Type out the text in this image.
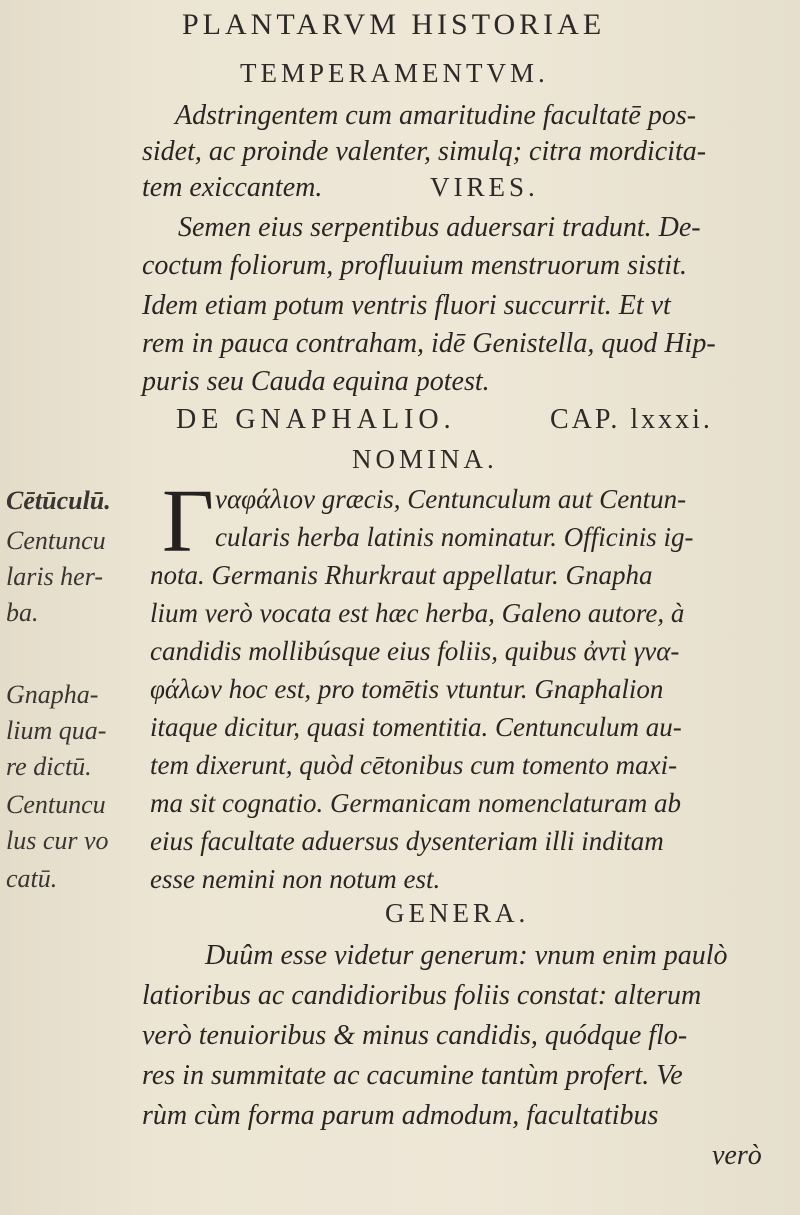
PLANTARVM HISTORIAE
TEMPERAMENTVM.
Adstringentem cum amaritudine facultatē pos-
sidet, ac proinde valenter, simulq; citra mordicita-
tem exiccantem.	VIRES.
Semen eius serpentibus aduersari tradunt. De-
coctum foliorum, profluuium menstruorum sistit.
Idem etiam potum ventris fluori succurrit. Et vt
rem in pauca contraham, idē Genistella, quod Hip-
puris seu Cauda equina potest.
DE GNAPHALIO.	CAP. lxxxi.
NOMINA.
Γ ναφάλιον græcis, Centunculum aut Centun-
cularis herba latinis nominatur. Officinis ig-
nota. Germanis Rhurkraut appellatur. Gnapha
lium verò vocata est hæc herba, Galeno autore, à
candidis mollibúsque eius foliis, quibus ἀντὶ γνα-
φάλων hoc est, pro tomētis vtuntur. Gnaphalion
itaque dicitur, quasi tomentitia. Centunculum au-
tem dixerunt, quòd cētonibus cum tomento maxi-
ma sit cognatio. Germanicam nomenclaturam ab
eius facultate aduersus dysenteriam illi inditam
esse nemini non notum est.
Cētūculū.
Centuncu
laris her-
ba.
Gnapha-
lium qua-
re dictū.
Centuncu
lus cur vo
catū.
GENERA.
Duûm esse videtur generum: vnum enim paulò
latioribus ac candidioribus foliis constat: alterum
verò tenuioribus & minus candidis, quódque flo-
res in summitate ac cacumine tantùm profert. Ve
rùm cùm forma parum admodum, facultatibus
verò
